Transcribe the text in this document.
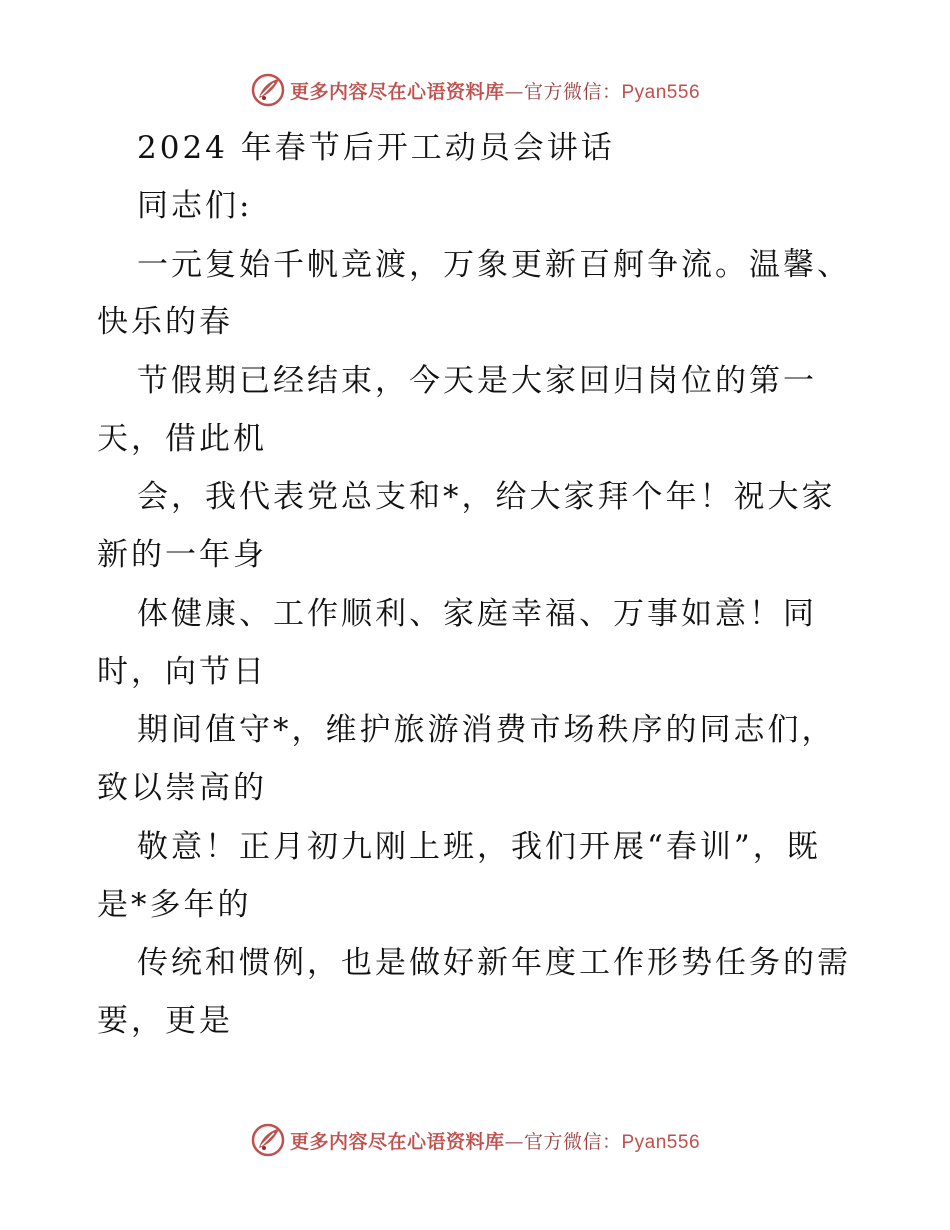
更多内容尽在心语资料库—官方微信：Pyan556
2024 年春节后开工动员会讲话
同志们:
一元复始千帆竞渡，万象更新百舸争流。温馨、
快乐的春
节假期已经结束，今天是大家回归岗位的第一
天，借此机
会，我代表党总支和*，给大家拜个年！祝大家
新的一年身
体健康、工作顺利、家庭幸福、万事如意！同
时，向节日
期间值守*，维护旅游消费市场秩序的同志们，
致以崇高的
敬意！正月初九刚上班，我们开展“春训”，既
是*多年的
传统和惯例，也是做好新年度工作形势任务的需
要，更是
更多内容尽在心语资料库—官方微信：Pyan556
